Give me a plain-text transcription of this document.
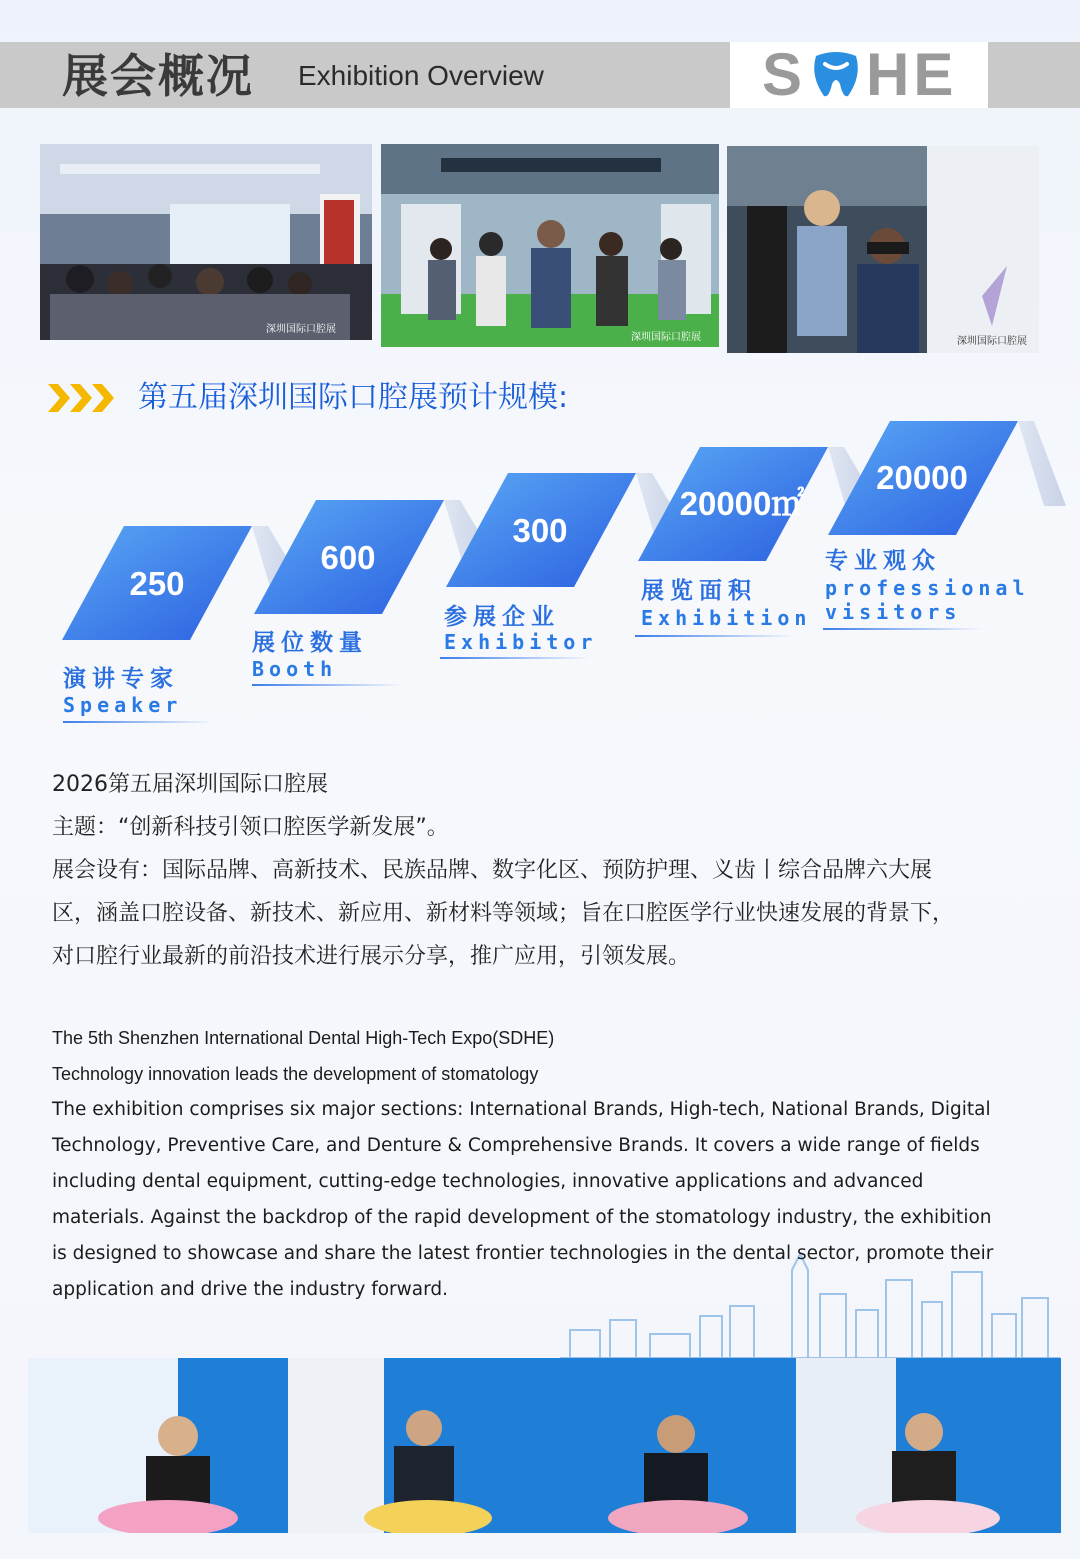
展会概况 Exhibition Overview	S HE
深圳国际口腔展
深圳国际口腔展	深圳国际口腔展
第五届深圳国际口腔展预计规模:
250
600
300
20000㎡
20000
演讲专家
Speaker
展位数量
Booth
参展企业
Exhibitor
展览面积
Exhibition
专业观众
professional
visitors
2026第五届深圳国际口腔展
主题：“创新科技引领口腔医学新发展”。
展会设有：国际品牌、高新技术、民族品牌、数字化区、预防护理、义齿丨综合品牌六大展
区，涵盖口腔设备、新技术、新应用、新材料等领域；旨在口腔医学行业快速发展的背景下，
对口腔行业最新的前沿技术进行展示分享，推广应用，引领发展。
The 5th Shenzhen International Dental High-Tech Expo(SDHE)
Technology innovation leads the development of stomatology
The exhibition comprises six major sections: International Brands, High-tech, National Brands, Digital
Technology, Preventive Care, and Denture & Comprehensive Brands. It covers a wide range of fields
including dental equipment, cutting-edge technologies, innovative applications and advanced
materials. Against the backdrop of the rapid development of the stomatology industry, the exhibition
is designed to showcase and share the latest frontier technologies in the dental sector, promote their
application and drive the industry forward.
